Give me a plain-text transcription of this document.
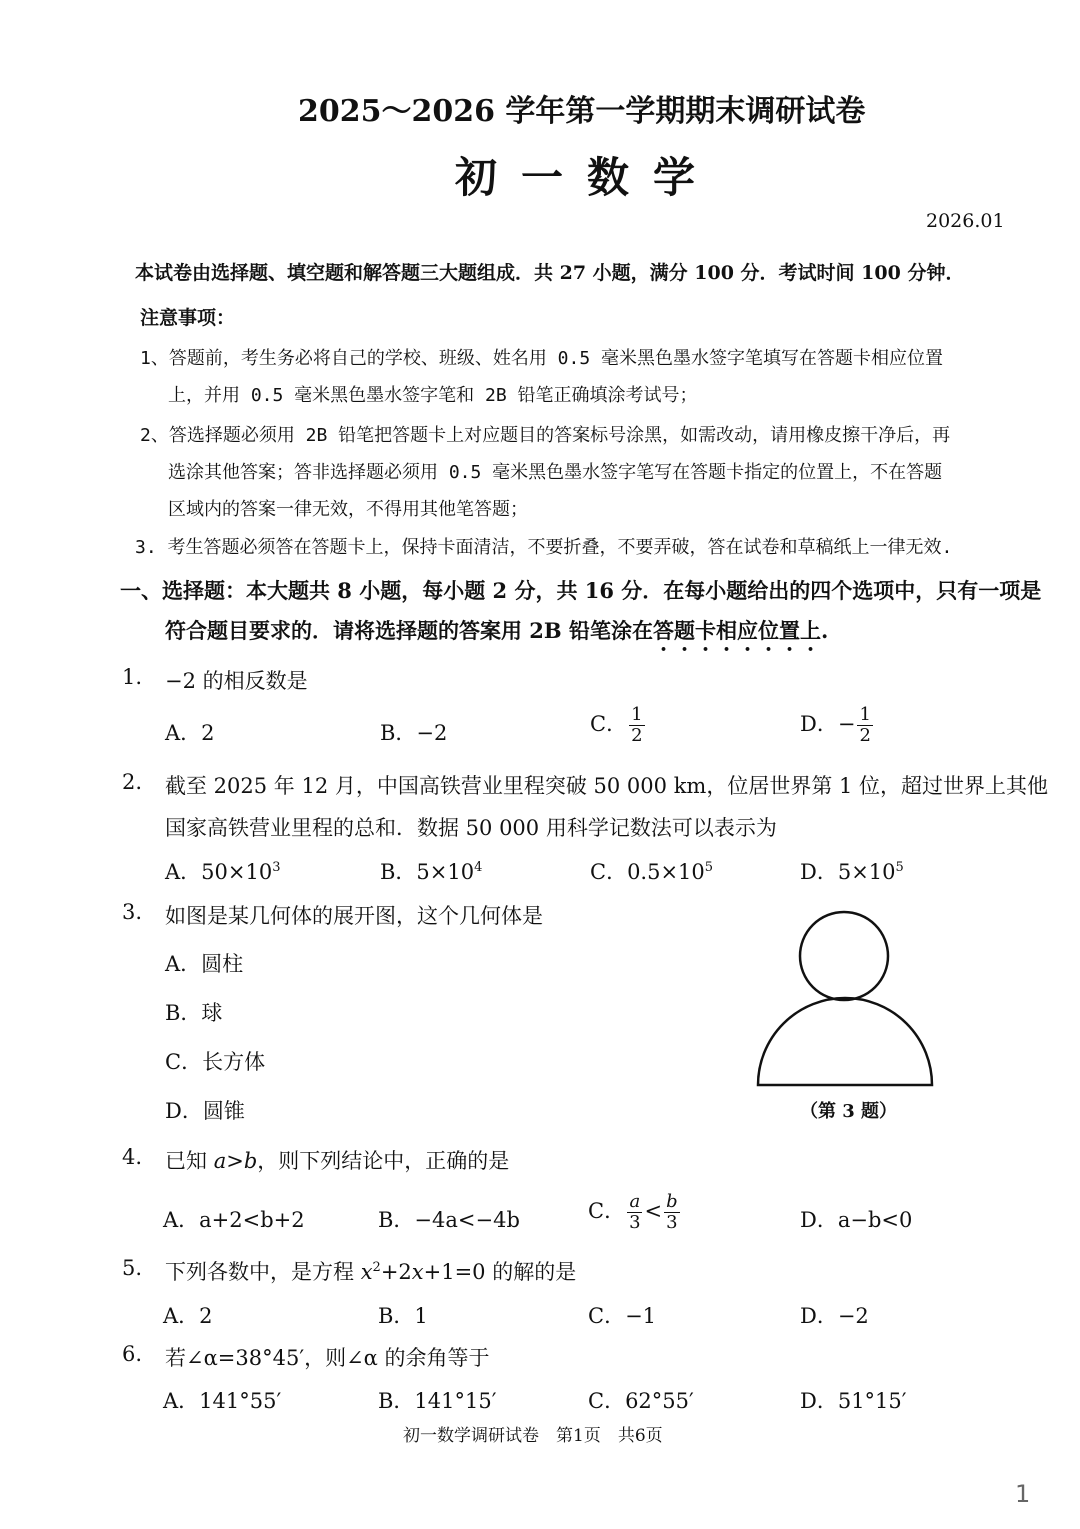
2025～2026 学年第一学期期末调研试卷
初一数学
2026.01
本试卷由选择题、填空题和解答题三大题组成．共 27 小题，满分 100 分．考试时间 100 分钟．
注意事项：
1、答题前，考生务必将自己的学校、班级、姓名用 0.5 毫米黑色墨水签字笔填写在答题卡相应位置
上，并用 0.5 毫米黑色墨水签字笔和 2B 铅笔正确填涂考试号；
2、答选择题必须用 2B 铅笔把答题卡上对应题目的答案标号涂黑，如需改动，请用橡皮擦干净后，再
选涂其他答案；答非选择题必须用 0.5 毫米黑色墨水签字笔写在答题卡指定的位置上，不在答题
区域内的答案一律无效，不得用其他笔答题；
3. 考生答题必须答在答题卡上，保持卡面清洁，不要折叠，不要弄破，答在试卷和草稿纸上一律无效.
一、选择题：本大题共 8 小题，每小题 2 分，共 16 分．在每小题给出的四个选项中，只有一项是
符合题目要求的．请将选择题的答案用 2B 铅笔涂在答题卡相应位置上.
1. −2 的相反数是
A．2	B．−2	C． $\frac{1}{2}$	D．− $\frac{1}{2}$
2. 截至 2025 年 12 月，中国高铁营业里程突破 50 000 km，位居世界第 1 位，超过世界上其他
国家高铁营业里程的总和．数据 50 000 用科学记数法可以表示为
A．$50\times 10^3$	B．$5\times 10^4$	C．$0.5\times 10^5$	D．$5\times 10^5$
3. 如图是某几何体的展开图，这个几何体是
A．圆柱
B．球
C．长方体
D．圆锥	（第 3 题）
4. 已知 a>b，则下列结论中，正确的是
A．a+2<b+2	B．−4a<−4b	C． $\frac{a}{3} < \frac{b}{3}$	D．a−b<0
5. 下列各数中，是方程 $x^2+2x+1=0$ 的解的是
A．2	B．1	C．−1	D．−2
6. 若∠α=38°45′，则∠α 的余角等于
A．141°55′	B．141°15′	C．62°55′	D．51°15′
初一数学调研试卷　第1页　共6页
1
